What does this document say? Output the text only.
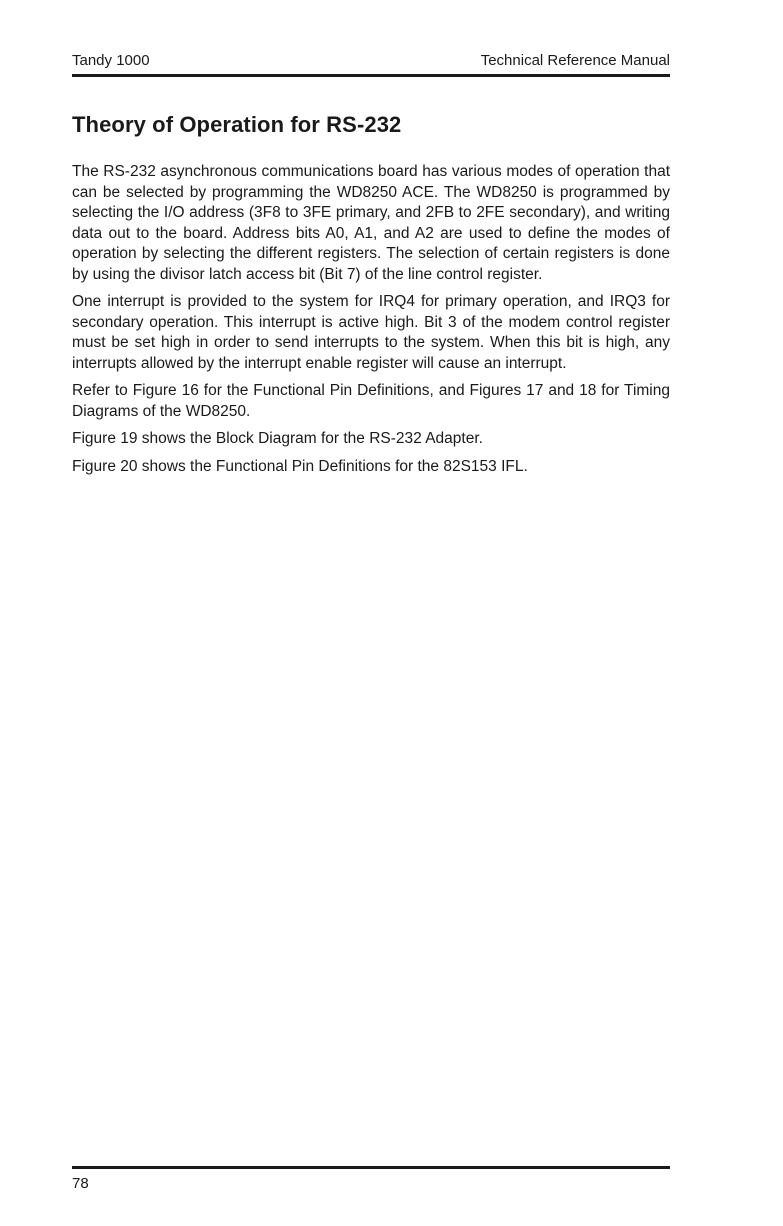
Tandy 1000	Technical Reference Manual
Theory of Operation for RS-232

The RS-232 asynchronous communications board has various modes of operation that can be selected by programming the WD8250 ACE. The WD8250 is programmed by selecting the I/O address (3F8 to 3FE primary, and 2FB to 2FE secondary), and writing data out to the board. Address bits A0, A1, and A2 are used to define the modes of operation by selecting the different registers. The selection of certain registers is done by using the divisor latch access bit (Bit 7) of the line control register.

One interrupt is provided to the system for IRQ4 for primary operation, and IRQ3 for secondary operation. This interrupt is active high. Bit 3 of the modem control register must be set high in order to send interrupts to the system. When this bit is high, any interrupts allowed by the interrupt enable register will cause an interrupt.

Refer to Figure 16 for the Functional Pin Definitions, and Figures 17 and 18 for Timing Diagrams of the WD8250.

Figure 19 shows the Block Diagram for the RS-232 Adapter.

Figure 20 shows the Functional Pin Definitions for the 82S153 IFL.

78
